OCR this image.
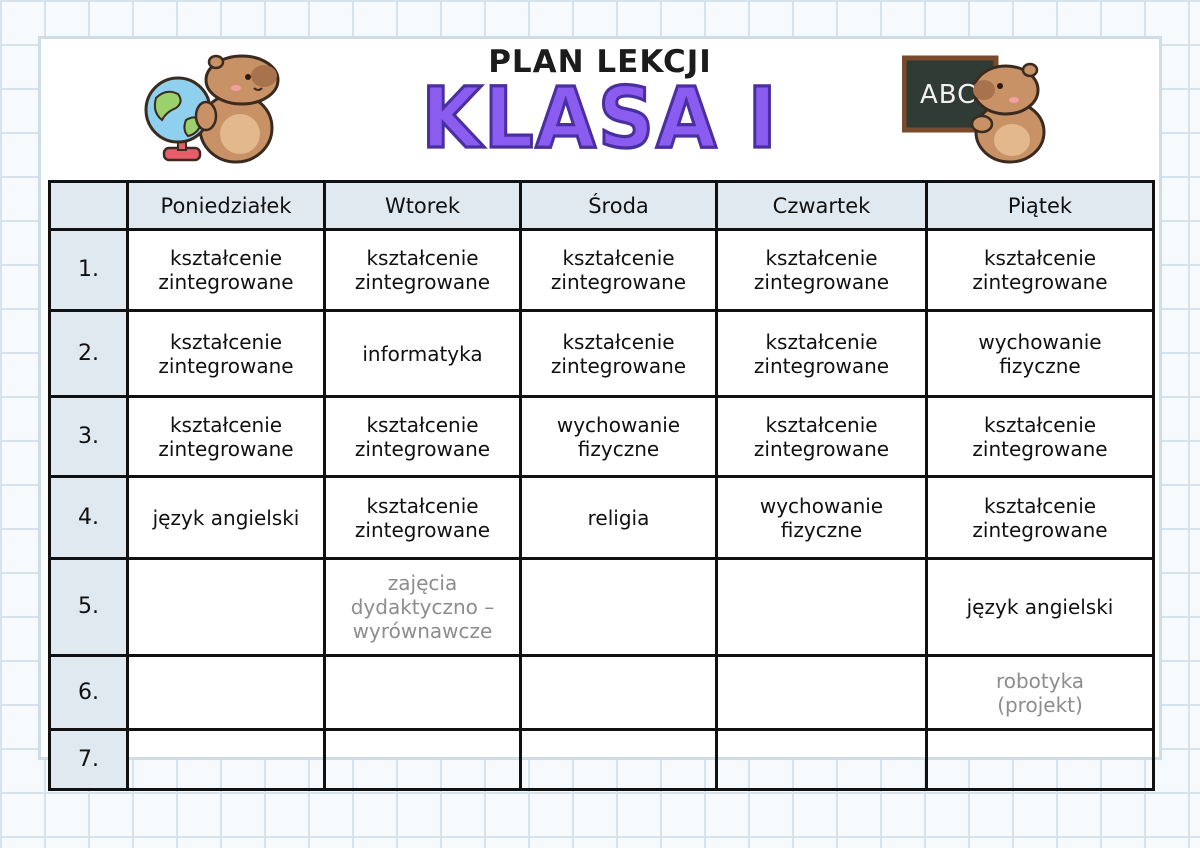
ABC
PLAN LEKCJI
KLASA I
	Poniedziałek	Wtorek	Środa	Czwartek	Piątek
1.	kształcenie
zintegrowane	kształcenie
zintegrowane	kształcenie
zintegrowane	kształcenie
zintegrowane	kształcenie
zintegrowane
2.	kształcenie
zintegrowane	informatyka	kształcenie
zintegrowane	kształcenie
zintegrowane	wychowanie
fizyczne
3.	kształcenie
zintegrowane	kształcenie
zintegrowane	wychowanie
fizyczne	kształcenie
zintegrowane	kształcenie
zintegrowane
4.	język angielski	kształcenie
zintegrowane	religia	wychowanie
fizyczne	kształcenie
zintegrowane
5.		zajęcia
dydaktyczno –
wyrównawcze			język angielski
6.					robotyka
(projekt)
7.					
